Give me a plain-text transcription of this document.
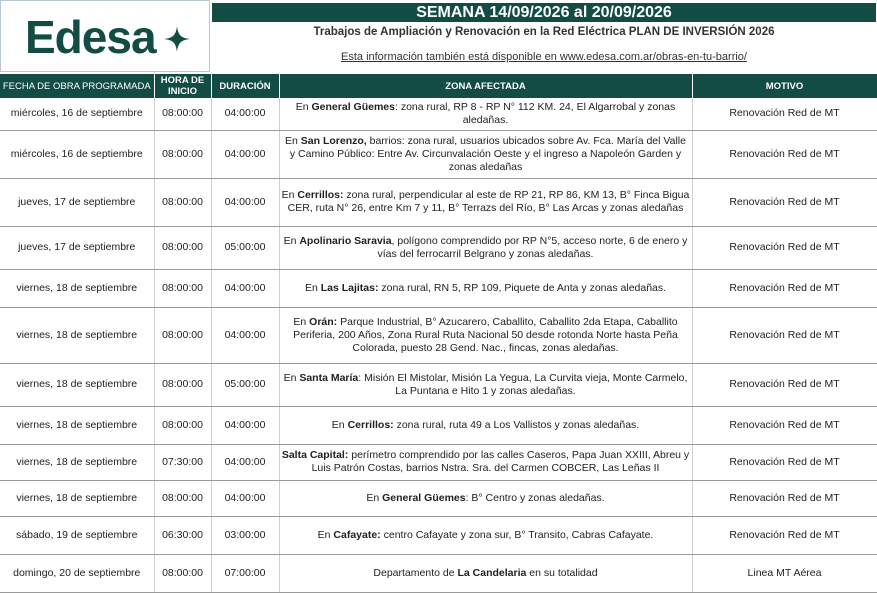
Edesa	SEMANA 14/09/2026 al 20/09/2026
Trabajos de Ampliación y Renovación en la Red Eléctrica PLAN DE INVERSIÓN 2026
Esta información también está disponible en www.edesa.com.ar/obras-en-tu-barrio/
FECHA DE OBRA PROGRAMADA	HORA DE INICIO	DURACIÓN	ZONA AFECTADA	MOTIVO
miércoles, 16 de septiembre	08:00:00	04:00:00	En General Güemes: zona rural, RP 8 - RP N° 112 KM. 24, El Algarrobal y zonas aledañas.	Renovación Red de MT
miércoles, 16 de septiembre	08:00:00	04:00:00	En San Lorenzo, barrios: zona rural, usuarios ubicados sobre Av. Fca. María del Valle y Camino Público: Entre Av. Circunvalación Oeste y el ingreso a Napoleón Garden y zonas aledañas	Renovación Red de MT
jueves, 17 de septiembre	08:00:00	04:00:00	En Cerrillos: zona rural, perpendicular al este de RP 21, RP 86, KM 13, B° Finca Bigua CER, ruta N° 26, entre Km 7 y 11, B° Terrazs del Río, B° Las Arcas y zonas aledañas	Renovación Red de MT
jueves, 17 de septiembre	08:00:00	05:00:00	En Apolinario Saravia, polígono comprendido por RP N°5, acceso norte, 6 de enero y vías del ferrocarril Belgrano y zonas aledañas.	Renovación Red de MT
viernes, 18 de septiembre	08:00:00	04:00:00	En Las Lajitas: zona rural, RN 5, RP 109, Piquete de Anta y zonas aledañas.	Renovación Red de MT
viernes, 18 de septiembre	08:00:00	04:00:00	En Orán: Parque Industrial, B° Azucarero, Caballito, Caballito 2da Etapa, Caballito Periferia, 200 Años, Zona Rural Ruta Nacional 50 desde rotonda Norte hasta Peña Colorada, puesto 28 Gend. Nac., fincas, zonas aledañas.	Renovación Red de MT
viernes, 18 de septiembre	08:00:00	05:00:00	En Santa María: Misión El Mistolar, Misión La Yegua, La Curvita vieja, Monte Carmelo, La Puntana e Hito 1 y zonas aledañas.	Renovación Red de MT
viernes, 18 de septiembre	08:00:00	04:00:00	En Cerrillos: zona rural, ruta 49 a Los Vallistos y zonas aledañas.	Renovación Red de MT
viernes, 18 de septiembre	07:30:00	04:00:00	Salta Capital: perímetro comprendido por las calles Caseros, Papa Juan XXIII, Abreu y Luis Patrón Costas, barrios Nstra. Sra. del Carmen COBCER, Las Leñas II	Renovación Red de MT
viernes, 18 de septiembre	08:00:00	04:00:00	En General Güemes: B° Centro y zonas aledañas.	Renovación Red de MT
sábado, 19 de septiembre	06:30:00	03:00:00	En Cafayate: centro Cafayate y zona sur, B° Transito, Cabras Cafayate.	Renovación Red de MT
domingo, 20 de septiembre	08:00:00	07:00:00	Departamento de La Candelaria en su totalidad	Linea MT Aérea
